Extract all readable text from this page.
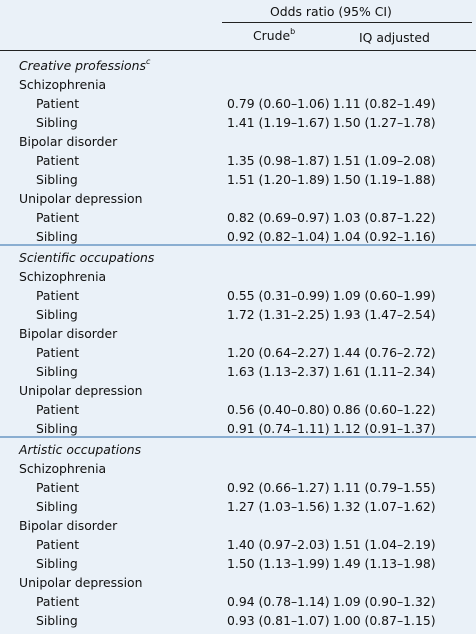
Odds ratio (95% CI)
Crude$^b$	IQ adjusted
Creative professions$^c$
Schizophrenia
Patient	0.79 (0.60–1.06) 1.11 (0.82–1.49)
Sibling	1.41 (1.19–1.67) 1.50 (1.27–1.78)
Bipolar disorder
Patient	1.35 (0.98–1.87) 1.51 (1.09–2.08)
Sibling	1.51 (1.20–1.89) 1.50 (1.19–1.88)
Unipolar depression
Patient	0.82 (0.69–0.97) 1.03 (0.87–1.22)
Sibling	0.92 (0.82–1.04) 1.04 (0.92–1.16)
Scientific occupations
Schizophrenia
Patient	0.55 (0.31–0.99) 1.09 (0.60–1.99)
Sibling	1.72 (1.31–2.25) 1.93 (1.47–2.54)
Bipolar disorder
Patient	1.20 (0.64–2.27) 1.44 (0.76–2.72)
Sibling	1.63 (1.13–2.37) 1.61 (1.11–2.34)
Unipolar depression
Patient	0.56 (0.40–0.80) 0.86 (0.60–1.22)
Sibling	0.91 (0.74–1.11) 1.12 (0.91–1.37)
Artistic occupations
Schizophrenia
Patient	0.92 (0.66–1.27) 1.11 (0.79–1.55)
Sibling	1.27 (1.03–1.56) 1.32 (1.07–1.62)
Bipolar disorder
Patient	1.40 (0.97–2.03) 1.51 (1.04–2.19)
Sibling	1.50 (1.13–1.99) 1.49 (1.13–1.98)
Unipolar depression
Patient	0.94 (0.78–1.14) 1.09 (0.90–1.32)
Sibling	0.93 (0.81–1.07) 1.00 (0.87–1.15)
